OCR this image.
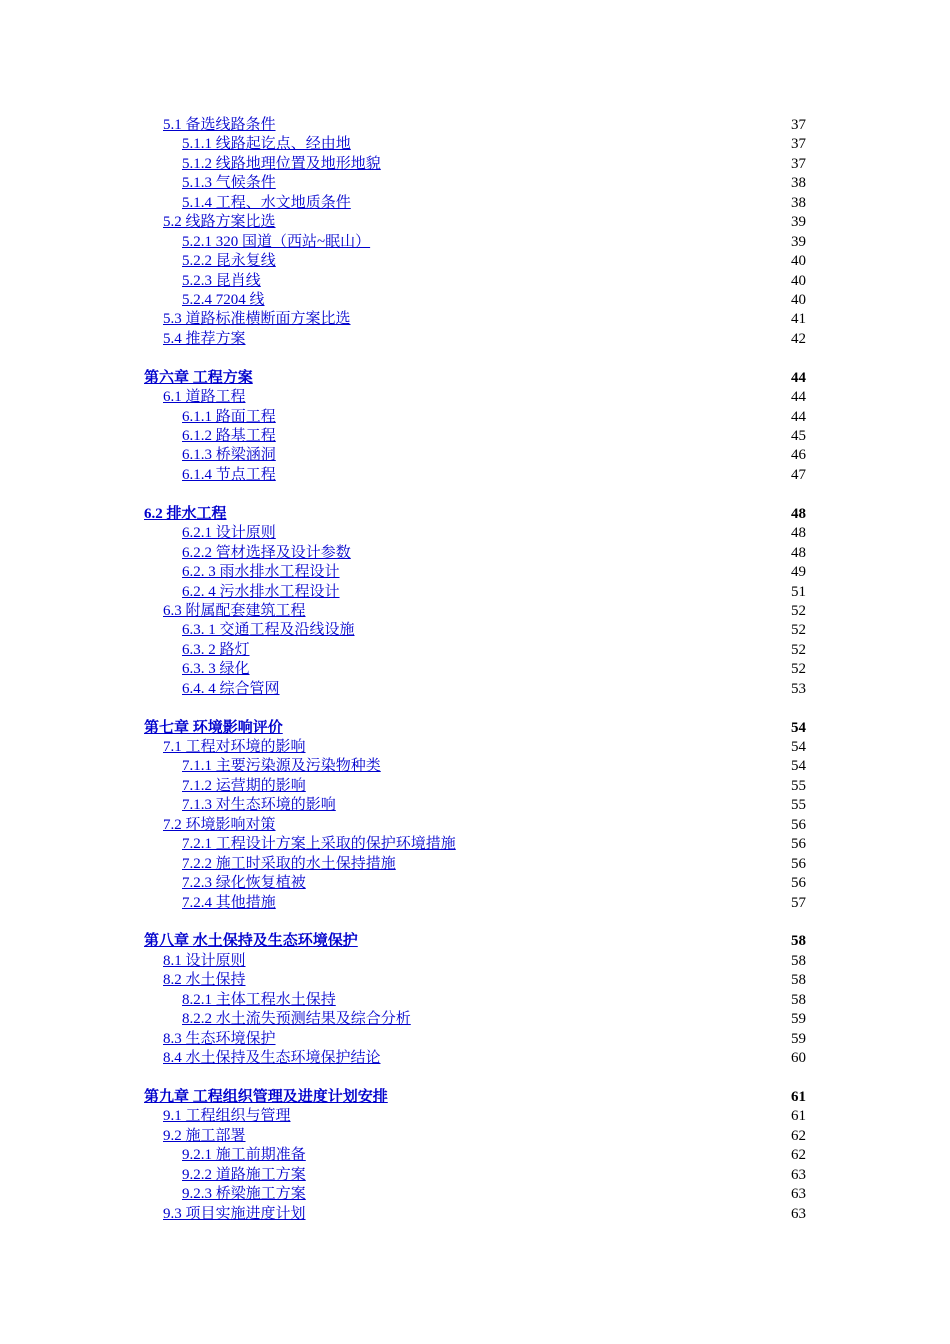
5.1 备选线路条件	37
5.1.1 线路起讫点、经由地	37
5.1.2 线路地理位置及地形地貌	37
5.1.3 气候条件	38
5.1.4 工程、水文地质条件	38
5.2 线路方案比选	39
5.2.1 320 国道（西站~眠山）	39
5.2.2 昆永复线	40
5.2.3 昆肖线	40
5.2.4 7204 线	40
5.3 道路标准横断面方案比选	41
5.4 推荐方案	42
第六章 工程方案	44
6.1 道路工程	44
6.1.1 路面工程	44
6.1.2 路基工程	45
6.1.3 桥梁涵洞	46
6.1.4 节点工程	47
6.2 排水工程	48
6.2.1 设计原则	48
6.2.2 管材选择及设计参数	48
6.2. 3 雨水排水工程设计	49
6.2. 4 污水排水工程设计	51
6.3 附属配套建筑工程	52
6.3. 1 交通工程及沿线设施	52
6.3. 2 路灯	52
6.3. 3 绿化	52
6.4. 4 综合管网	53
第七章 环境影响评价	54
7.1 工程对环境的影响	54
7.1.1 主要污染源及污染物种类	54
7.1.2 运营期的影响	55
7.1.3 对生态环境的影响	55
7.2 环境影响对策	56
7.2.1 工程设计方案上采取的保护环境措施	56
7.2.2 施工时采取的水土保持措施	56
7.2.3 绿化恢复植被	56
7.2.4 其他措施	57
第八章 水土保持及生态环境保护	58
8.1 设计原则	58
8.2 水土保持	58
8.2.1 主体工程水土保持	58
8.2.2 水土流失预测结果及综合分析	59
8.3 生态环境保护	59
8.4 水土保持及生态环境保护结论	60
第九章 工程组织管理及进度计划安排	61
9.1 工程组织与管理	61
9.2 施工部署	62
9.2.1 施工前期准备	62
9.2.2 道路施工方案	63
9.2.3 桥梁施工方案	63
9.3 项目实施进度计划	63
